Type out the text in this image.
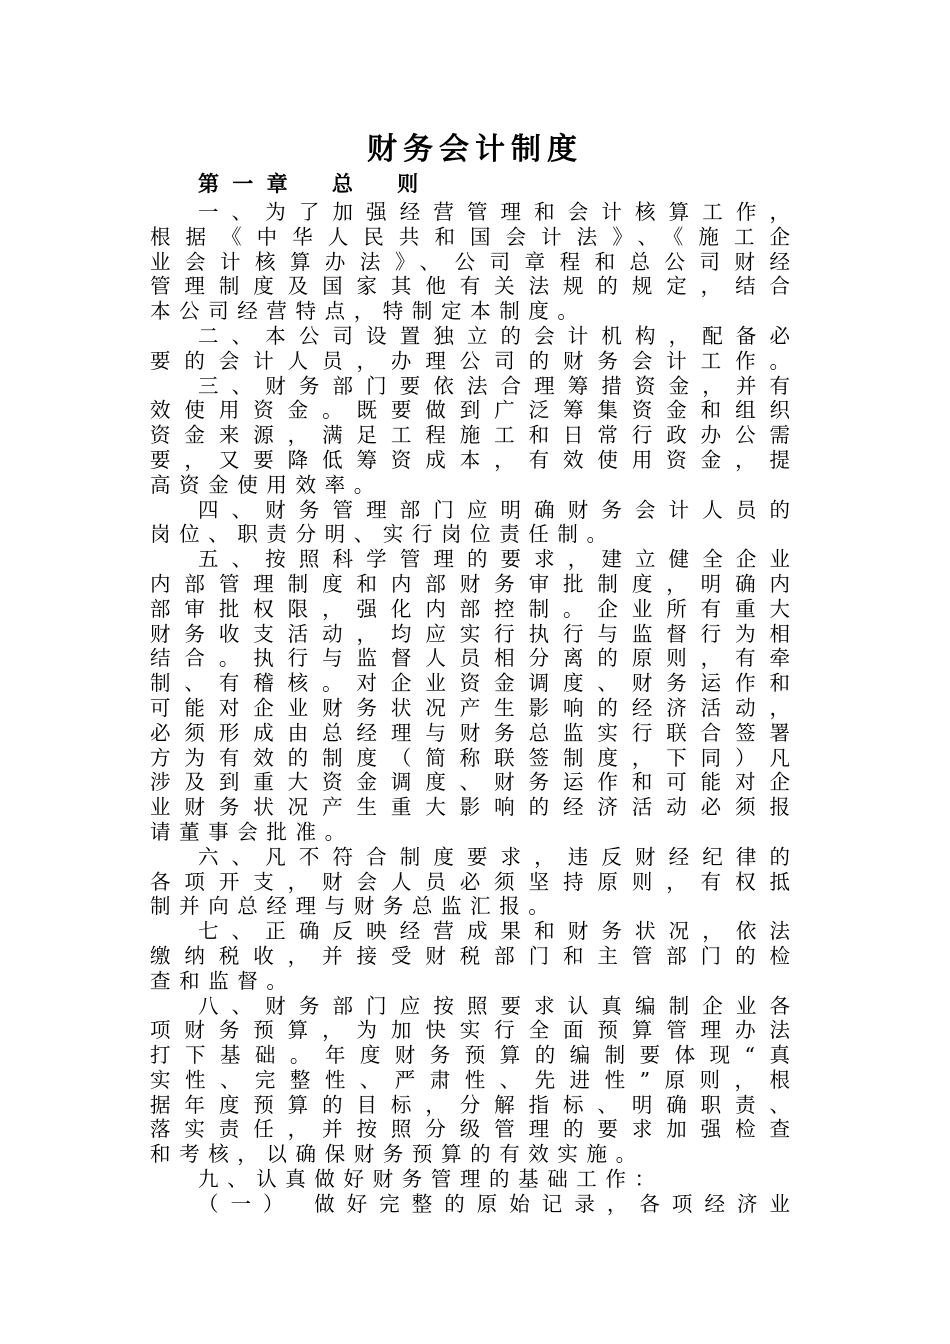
财务会计制度
第 一 章    总    则
一、为了加强经营管理和会计核算工作，
根据《中华人民共和国会计法》、《施工企
业会计核算办法》、公司章程和总公司财经
管理制度及国家其他有关法规的规定，结合
本公司经营特点，特制定本制度。
二、本公司设置独立的会计机构，配备必
要的会计人员，办理公司的财务会计工作。
三、财务部门要依法合理筹措资金，并有
效使用资金。既要做到广泛筹集资金和组织
资金来源，满足工程施工和日常行政办公需
要，又要降低筹资成本，有效使用资金，提
高资金使用效率。
四、财务管理部门应明确财务会计人员的
岗位、职责分明、实行岗位责任制。
五、按照科学管理的要求，建立健全企业
内部管理制度和内部财务审批制度，明确内
部审批权限，强化内部控制。企业所有重大
财务收支活动，均应实行执行与监督行为相
结合。执行与监督人员相分离的原则，有牵
制、有稽核。对企业资金调度、财务运作和
可能对企业财务状况产生影响的经济活动，
必须形成由总经理与财务总监实行联合签署
方为有效的制度（简称联签制度，下同）凡
涉及到重大资金调度、财务运作和可能对企
业财务状况产生重大影响的经济活动必须报
请董事会批准。
六、凡不符合制度要求，违反财经纪律的
各项开支，财会人员必须坚持原则，有权抵
制并向总经理与财务总监汇报。
七、正确反映经营成果和财务状况，依法
缴纳税收，并接受财税部门和主管部门的检
查和监督。
八、财务部门应按照要求认真编制企业各
项财务预算，为加快实行全面预算管理办法
打下基础。年度财务预算的编制要体现“真
实性、完整性、严肃性、先进性”原则，根
据年度预算的目标，分解指标、明确职责、
落实责任，并按照分级管理的要求加强检查
和考核，以确保财务预算的有效实施。
九、认真做好财务管理的基础工作：
（一） 做好完整的原始记录，各项经济业
